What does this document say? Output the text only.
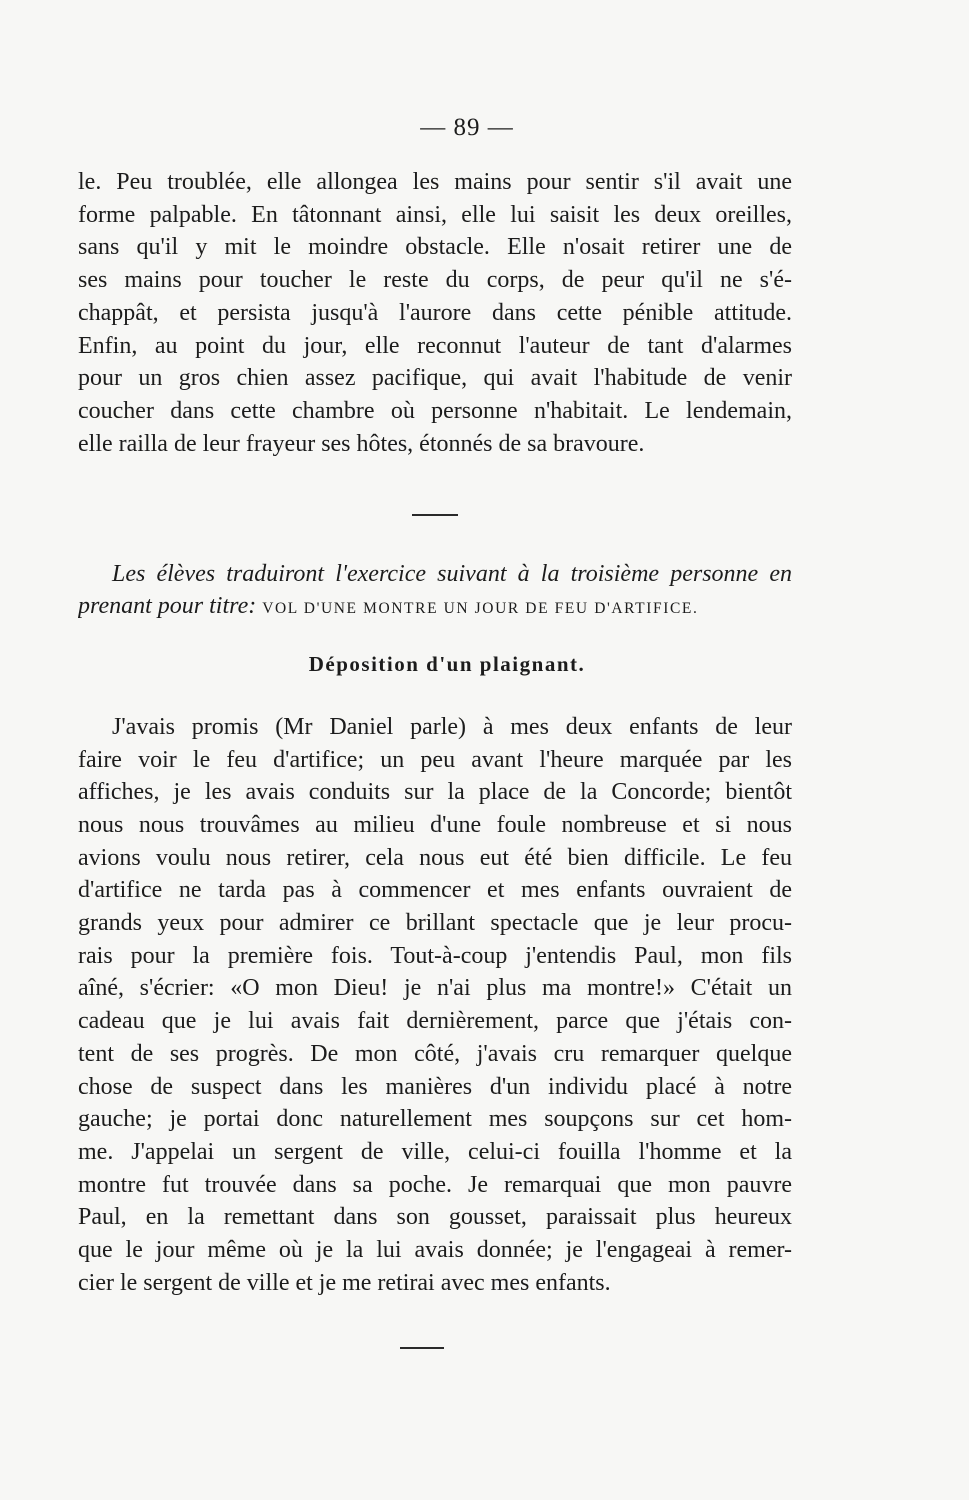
— 89 —
le. Peu troublée, elle allongea les mains pour sentir s'il avait une
forme palpable. En tâtonnant ainsi, elle lui saisit les deux oreilles,
sans qu'il y mit le moindre obstacle. Elle n'osait retirer une de
ses mains pour toucher le reste du corps, de peur qu'il ne s'é-
chappât, et persista jusqu'à l'aurore dans cette pénible attitude.
Enfin, au point du jour, elle reconnut l'auteur de tant d'alarmes
pour un gros chien assez pacifique, qui avait l'habitude de venir
coucher dans cette chambre où personne n'habitait. Le lendemain,
elle railla de leur frayeur ses hôtes, étonnés de sa bravoure.
Les élèves traduiront l'exercice suivant à la troisième personne en
prenant pour titre: VOL D'UNE MONTRE UN JOUR DE FEU D'ARTIFICE.
Déposition d'un plaignant.
J'avais promis (Mr Daniel parle) à mes deux enfants de leur
faire voir le feu d'artifice; un peu avant l'heure marquée par les
affiches, je les avais conduits sur la place de la Concorde; bientôt
nous nous trouvâmes au milieu d'une foule nombreuse et si nous
avions voulu nous retirer, cela nous eut été bien difficile. Le feu
d'artifice ne tarda pas à commencer et mes enfants ouvraient de
grands yeux pour admirer ce brillant spectacle que je leur procu-
rais pour la première fois. Tout-à-coup j'entendis Paul, mon fils
aîné, s'écrier: «O mon Dieu! je n'ai plus ma montre!» C'était un
cadeau que je lui avais fait dernièrement, parce que j'étais con-
tent de ses progrès. De mon côté, j'avais cru remarquer quelque
chose de suspect dans les manières d'un individu placé à notre
gauche; je portai donc naturellement mes soupçons sur cet hom-
me. J'appelai un sergent de ville, celui-ci fouilla l'homme et la
montre fut trouvée dans sa poche. Je remarquai que mon pauvre
Paul, en la remettant dans son gousset, paraissait plus heureux
que le jour même où je la lui avais donnée; je l'engageai à remer-
cier le sergent de ville et je me retirai avec mes enfants.
